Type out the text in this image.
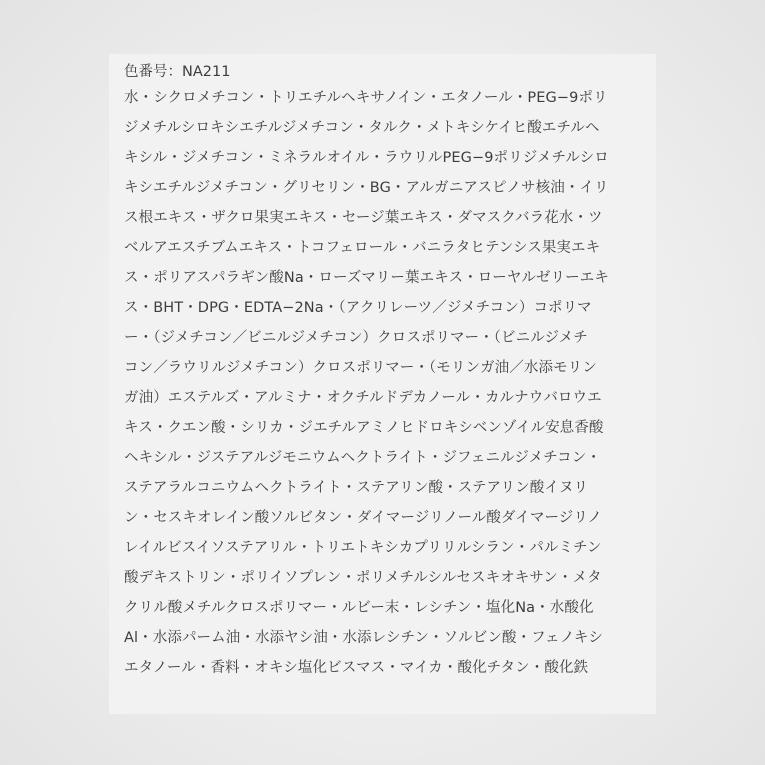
色番号：NA211
水・シクロメチコン・トリエチルヘキサノイン・エタノール・PEG−9ポリ
ジメチルシロキシエチルジメチコン・タルク・メトキシケイヒ酸エチルヘ
キシル・ジメチコン・ミネラルオイル・ラウリルPEG−9ポリジメチルシロ
キシエチルジメチコン・グリセリン・BG・アルガニアスピノサ核油・イリ
ス根エキス・ザクロ果実エキス・セージ葉エキス・ダマスクバラ花水・ツ
ベルアエスチブムエキス・トコフェロール・バニラタヒテンシス果実エキ
ス・ポリアスパラギン酸Na・ローズマリー葉エキス・ローヤルゼリーエキ
ス・BHT・DPG・EDTA−2Na・（アクリレーツ／ジメチコン）コポリマ
ー・（ジメチコン／ビニルジメチコン）クロスポリマー・（ビニルジメチ
コン／ラウリルジメチコン）クロスポリマー・（モリンガ油／水添モリン
ガ油）エステルズ・アルミナ・オクチルドデカノール・カルナウバロウエ
キス・クエン酸・シリカ・ジエチルアミノヒドロキシベンゾイル安息香酸
ヘキシル・ジステアルジモニウムヘクトライト・ジフェニルジメチコン・
ステアラルコニウムヘクトライト・ステアリン酸・ステアリン酸イヌリ
ン・セスキオレイン酸ソルビタン・ダイマージリノール酸ダイマージリノ
レイルビスイソステアリル・トリエトキシカプリリルシラン・パルミチン
酸デキストリン・ポリイソプレン・ポリメチルシルセスキオキサン・メタ
クリル酸メチルクロスポリマー・ルビー末・レシチン・塩化Na・水酸化
Al・水添パーム油・水添ヤシ油・水添レシチン・ソルビン酸・フェノキシ
エタノール・香料・オキシ塩化ビスマス・マイカ・酸化チタン・酸化鉄
